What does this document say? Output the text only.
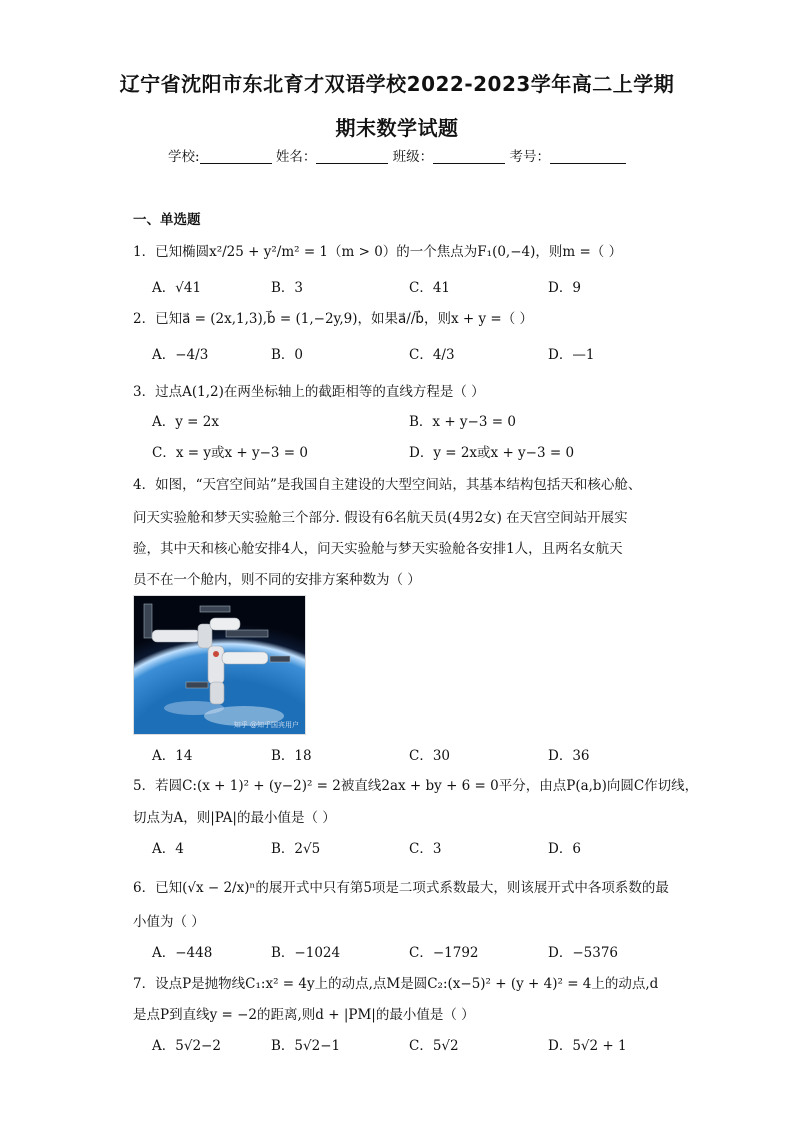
辽宁省沈阳市东北育才双语学校2022-2023学年高二上学期
期末数学试题
学校:	姓名：	班级：	考号：
一、单选题
1．已知椭圆x²/25 + y²/m² = 1（m > 0）的一个焦点为F₁(0,−4)，则m =（ ）
A．√41	B．3	C．41	D．9
2．已知a⃗ = (2x,1,3),b⃗ = (1,−2y,9)，如果a⃗//b⃗，则x + y =（ ）
A．−4/3	B．0	C．4/3	D．—1
3．过点A(1,2)在两坐标轴上的截距相等的直线方程是（ ）
A．y = 2x	B．x + y−3 = 0
C．x = y或x + y−3 = 0	D．y = 2x或x + y−3 = 0
4．如图，“天宫空间站”是我国自主建设的大型空间站，其基本结构包括天和核心舱、
问天实验舱和梦天实验舱三个部分. 假设有6名航天员(4男2女) 在天宫空间站开展实
验，其中天和核心舱安排4人，问天实验舱与梦天实验舱各安排1人，且两名女航天
员不在一个舱内，则不同的安排方案种数为（ ）
知乎 @知乎国宾用户
A．14	B．18	C．30	D．36
5．若圆C:(x + 1)² + (y−2)² = 2被直线2ax + by + 6 = 0平分，由点P(a,b)向圆C作切线，
切点为A，则|PA|的最小值是（ ）
A．4	B．2√5	C．3	D．6
6．已知(√x − 2/x)ⁿ的展开式中只有第5项是二项式系数最大，则该展开式中各项系数的最
小值为（ ）
A．−448	B．−1024	C．−1792	D．−5376
7．设点P是抛物线C₁:x² = 4y上的动点,点M是圆C₂:(x−5)² + (y + 4)² = 4上的动点,d
是点P到直线y = −2的距离,则d + |PM|的最小值是（ ）
A．5√2−2	B．5√2−1	C．5√2	D．5√2 + 1
